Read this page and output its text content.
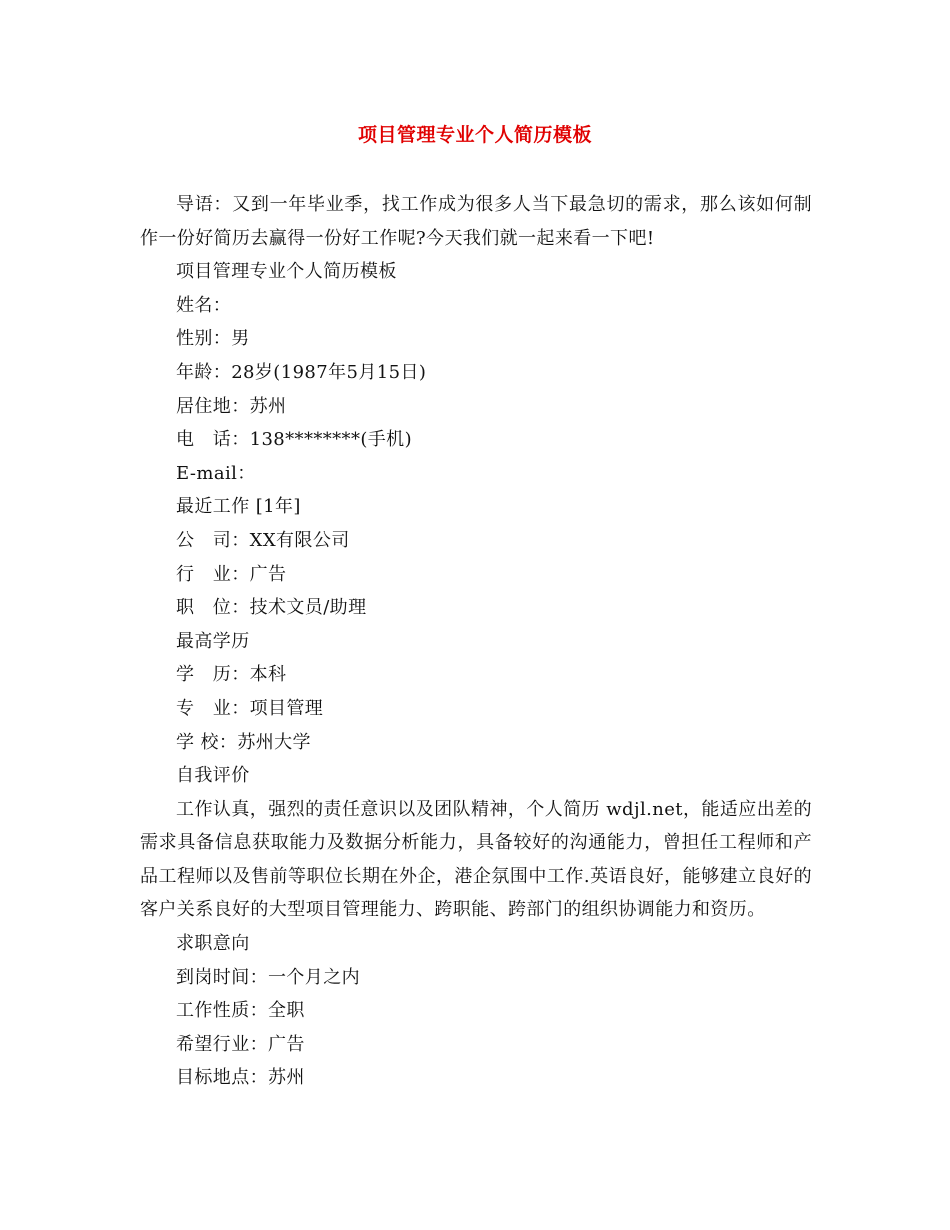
项目管理专业个人简历模板

导语：又到一年毕业季，找工作成为很多人当下最急切的需求，那么该如何制作一份好简历去赢得一份好工作呢?今天我们就一起来看一下吧!

项目管理专业个人简历模板

姓名：

性别：男

年龄：28岁(1987年5月15日)

居住地：苏州

电　话：138********(手机)

E-mail：

最近工作 [1年]

公　司：XX有限公司

行　业：广告

职　位：技术文员/助理

最高学历

学　历：本科

专　业：项目管理

学 校：苏州大学

自我评价

工作认真，强烈的责任意识以及团队精神，个人简历 wdjl.net，能适应出差的需求具备信息获取能力及数据分析能力，具备较好的沟通能力，曾担任工程师和产品工程师以及售前等职位长期在外企，港企氛围中工作.英语良好，能够建立良好的客户关系良好的大型项目管理能力、跨职能、跨部门的组织协调能力和资历。

求职意向

到岗时间：一个月之内

工作性质：全职

希望行业：广告

目标地点：苏州
